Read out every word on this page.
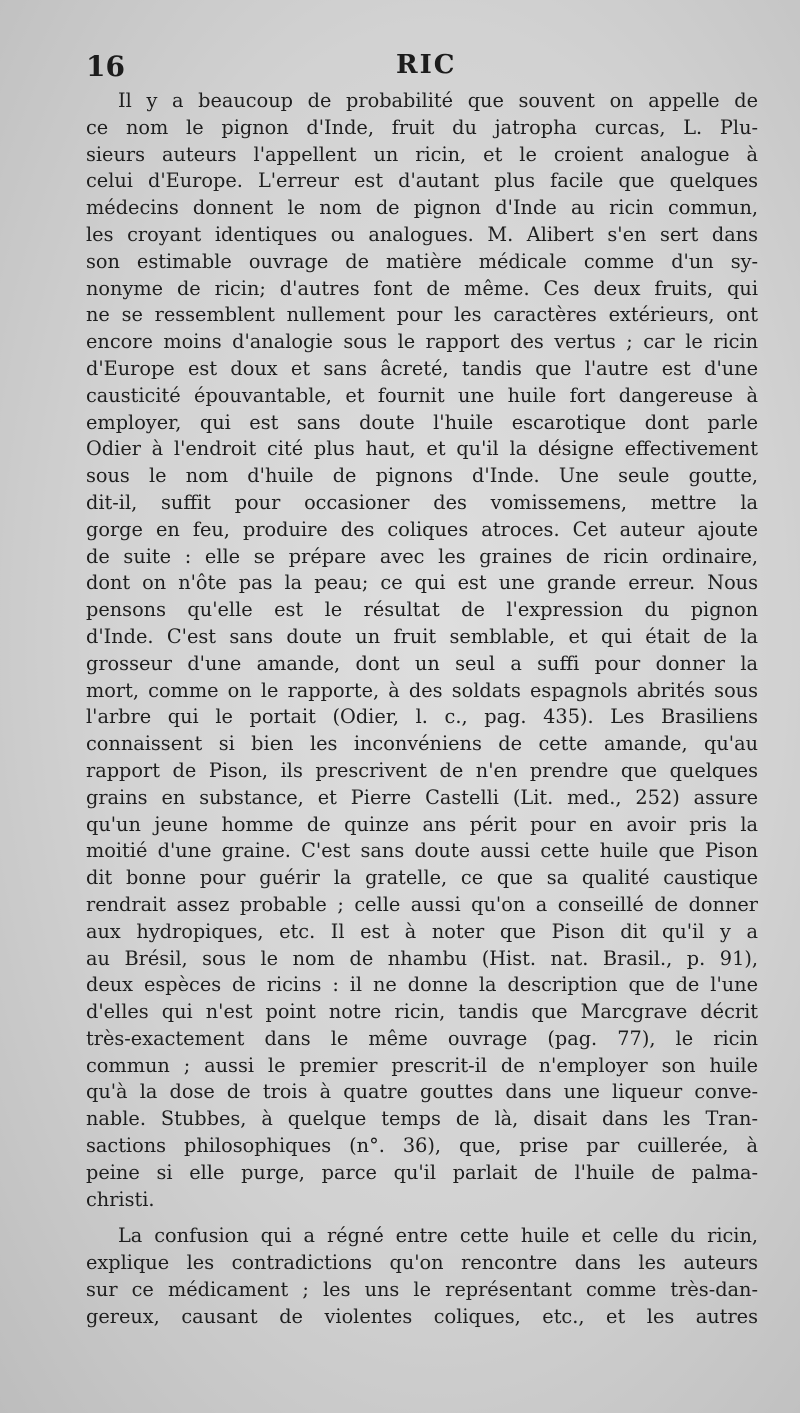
16	RIC
Il y a beaucoup de probabilité que souvent on appelle de
ce nom le pignon d'Inde, fruit du jatropha curcas, L. Plu-
sieurs auteurs l'appellent un ricin, et le croient analogue à
celui d'Europe. L'erreur est d'autant plus facile que quelques
médecins donnent le nom de pignon d'Inde au ricin commun,
les croyant identiques ou analogues. M. Alibert s'en sert dans
son estimable ouvrage de matière médicale comme d'un sy-
nonyme de ricin; d'autres font de même. Ces deux fruits, qui
ne se ressemblent nullement pour les caractères extérieurs, ont
encore moins d'analogie sous le rapport des vertus ; car le ricin
d'Europe est doux et sans âcreté, tandis que l'autre est d'une
causticité épouvantable, et fournit une huile fort dangereuse à
employer, qui est sans doute l'huile escarotique dont parle
Odier à l'endroit cité plus haut, et qu'il la désigne effectivement
sous le nom d'huile de pignons d'Inde. Une seule goutte,
dit-il, suffit pour occasioner des vomissemens, mettre la
gorge en feu, produire des coliques atroces. Cet auteur ajoute
de suite : elle se prépare avec les graines de ricin ordinaire,
dont on n'ôte pas la peau; ce qui est une grande erreur. Nous
pensons qu'elle est le résultat de l'expression du pignon
d'Inde. C'est sans doute un fruit semblable, et qui était de la
grosseur d'une amande, dont un seul a suffi pour donner la
mort, comme on le rapporte, à des soldats espagnols abrités sous
l'arbre qui le portait (Odier, l. c., pag. 435). Les Brasiliens
connaissent si bien les inconvéniens de cette amande, qu'au
rapport de Pison, ils prescrivent de n'en prendre que quelques
grains en substance, et Pierre Castelli (Lit. med., 252) assure
qu'un jeune homme de quinze ans périt pour en avoir pris la
moitié d'une graine. C'est sans doute aussi cette huile que Pison
dit bonne pour guérir la gratelle, ce que sa qualité caustique
rendrait assez probable ; celle aussi qu'on a conseillé de donner
aux hydropiques, etc. Il est à noter que Pison dit qu'il y a
au Brésil, sous le nom de nhambu (Hist. nat. Brasil., p. 91),
deux espèces de ricins : il ne donne la description que de l'une
d'elles qui n'est point notre ricin, tandis que Marcgrave décrit
très-exactement dans le même ouvrage (pag. 77), le ricin
commun ; aussi le premier prescrit-il de n'employer son huile
qu'à la dose de trois à quatre gouttes dans une liqueur conve-
nable. Stubbes, à quelque temps de là, disait dans les Tran-
sactions philosophiques (n°. 36), que, prise par cuillerée, à
peine si elle purge, parce qu'il parlait de l'huile de palma-
christi.
La confusion qui a régné entre cette huile et celle du ricin,
explique les contradictions qu'on rencontre dans les auteurs
sur ce médicament ; les uns le représentant comme très-dan-
gereux, causant de violentes coliques, etc., et les autres
